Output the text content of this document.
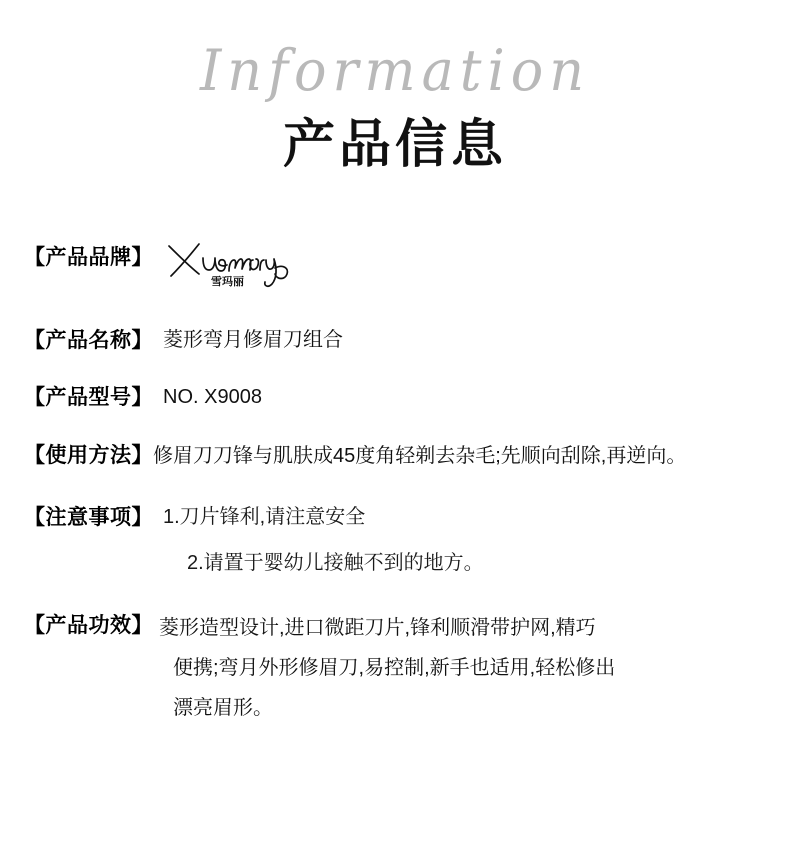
Information
产品信息
【产品品牌】
雪玛丽
【产品名称】 菱形弯月修眉刀组合
【产品型号】 NO. X9008
【使用方法】修眉刀刀锋与肌肤成45度角轻剃去杂毛;先顺向刮除,再逆向。
【注意事项】 1.刀片锋利,请注意安全
2.请置于婴幼儿接触不到的地方。
【产品功效】 菱形造型设计,进口微距刀片,锋利顺滑带护网,精巧
便携;弯月外形修眉刀,易控制,新手也适用,轻松修出
漂亮眉形。
